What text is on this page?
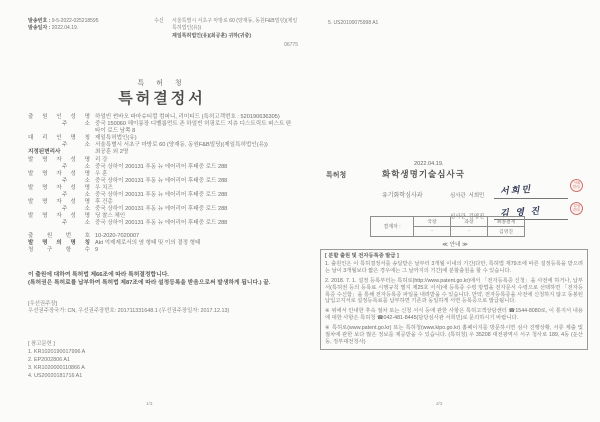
발송번호 : 9-5-2022-025218595
발송일자 : 2022.04.19.
수신	서울특별시 서초구 마방로 60 (양재동, 동원F&B빌딩)(제일특허법인(유))
제일특허법인(유)(최공훈) 귀하(귀중)
06775
특 허 청
특허결정서
출 원 인 성 명 하얼빈 썬바오 파마슈티컬 컴퍼니, 리미티드 (특허고객번호 : 520190636305)
주 소 중국 150060 헤이룽장 디벨롭먼트 존 하얼빈 허핑로드 지츄 디스트릭트 퍼스트 딴타이 로드 남쪽 8
대 리 인 명 칭 제일특허법인(유)
주 소 서울특별시 서초구 마방로 60 (양재동, 동원F&B빌딩)(제일특허법인(유))
지정된변리사	최공훈 외 2명
발 명 자 성 명 리 강
주 소 중국 상하이 200131 푸동 뉴 에어리어 후태중 로드 288
발 명 자 성 명 우 훈
주 소 중국 상하이 200131 푸동 뉴 에어리어 후태중 로드 288
발 명 자 성 명 우 치즈
주 소 중국 상하이 200131 푸동 뉴 에어리어 후태중 로드 288
발 명 자 성 명 후 건총
주 소 중국 상하이 200131 푸동 뉴 에어리어 후태중 로드 288
발 명 자 성 명 딩 찰스 체인
주 소 중국 상하이 200131 푸동 뉴 에어리어 후태중 로드 288
출 원 번 호 10-2020-7020007
발 명 의 명 칭 Akt 억제제로서의 염 형태 및 이의 결정 형태
청 구 항 수 9
이 출원에 대하여 특허법 제66조에 따라 특허결정합니다.
(특허권은 특허료를 납부하여 특허법 제87조에 따라 설정등록을 받음으로써 발생하게 됩니다.) 끝.
[우선권주장]
우선권주장국가: CN, 우선권주장번호: 201711331648.1 (우선권주장일자: 2017.12.13)
[ 참고문헌 ]
1. KR1020190017996 A
2. EP2002806 A1
3. KR1020000110866 A
4. US20020181716 A1
1/3
5. US20100075998 A1
2022.04.19.
특허청	화학생명기술심사국
유기화학심사과	심사관 서희민 서희민
서희민印
심사관 김영진 김 영 진	김영진印
결재자 :	국장	과장	최종결재
	-	-	김영진
≪ 안내 ≫
[ 분할 출원 및 전자등록증 발급 ]
1. 출원인은 이 특허결정서를 송달받은 날부터 3개월 이내의 기간(다만, 특허법 제79조에 따른 설정등록을 받으려는 날이 3개월보다 짧은 경우에는 그 날까지의 기간)에 분할출원을 할 수 있습니다.
2. 2018. 7. 1. 설정 등록부터는 특허로(http://www.patent.go.kr)에서 「전자등록증 신청」을 사전에 하거나, 납부서(특허권 등의 등록료 시행규칙 별지 제25호 서식)에 등록증 수령 방법을 전자문서 수령으로 선택하면 「전자등록증 수신함」을 통해 전자등록증 파일을 내려받을 수 있습니다. 만약, 전자등록증을 사전에 신청하지 않고 동봉된 납입고지서로 설정등록료를 납부하면 기존과 동일하게 서면 등록증으로 발급됩니다.
※ 위에서 안내한 후속 절차 또는 신청 서식 등에 관한 사항은 특허고객상담센터 ☎1544-8080로, 이 통지서 내용에 대한 사항은 특허청 ☎042-481-8445(담당심사관 서희민)로 문의하시기 바랍니다.
※ 특허로(www.patent.go.kr) 또는 특허청(www.kipo.go.kr) 홈페이지를 방문하시면 심사 진행상황, 서류 제출 및 절차에 관한 보다 많은 정보를 제공받을 수 있습니다. (특허청) 우 35208 대전광역시 서구 청사로 189, 4동 (둔산동, 정부대전청사)
2/3
